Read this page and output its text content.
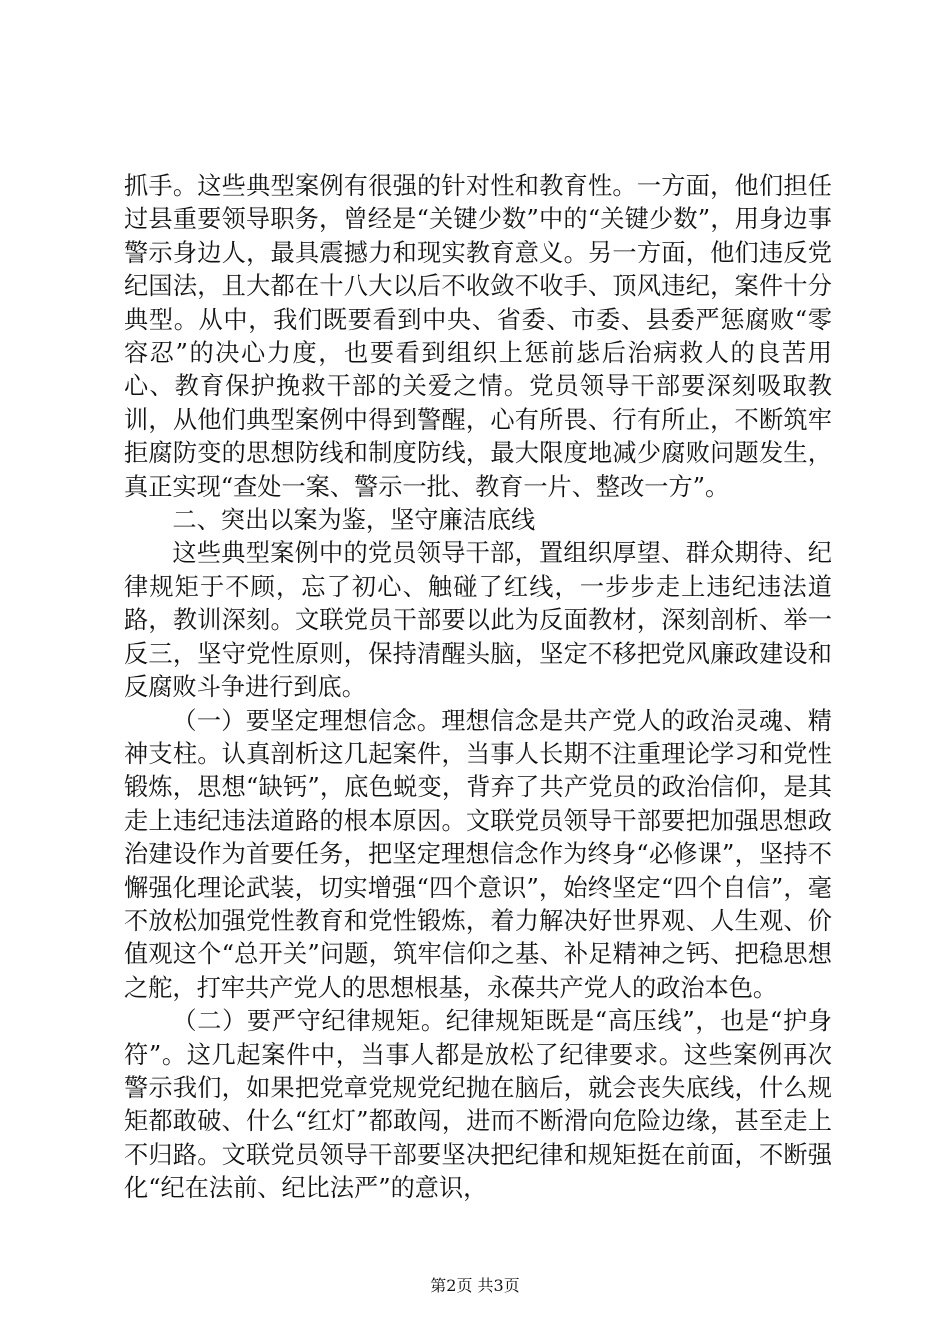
抓手。这些典型案例有很强的针对性和教育性。一方面，他们担任过县重要领导职务，曾经是“关键少数”中的“关键少数”，用身边事警示身边人，最具震撼力和现实教育意义。另一方面，他们违反党纪国法，且大都在十八大以后不收敛不收手、顶风违纪，案件十分典型。从中，我们既要看到中央、省委、市委、县委严惩腐败“零容忍”的决心力度，也要看到组织上惩前毖后治病救人的良苦用心、教育保护挽救干部的关爱之情。党员领导干部要深刻吸取教训，从他们典型案例中得到警醒，心有所畏、行有所止，不断筑牢拒腐防变的思想防线和制度防线，最大限度地减少腐败问题发生，真正实现“查处一案、警示一批、教育一片、整改一方”。

二、突出以案为鉴，坚守廉洁底线

这些典型案例中的党员领导干部，置组织厚望、群众期待、纪律规矩于不顾，忘了初心、触碰了红线，一步步走上违纪违法道路，教训深刻。文联党员干部要以此为反面教材，深刻剖析、举一反三，坚守党性原则，保持清醒头脑，坚定不移把党风廉政建设和反腐败斗争进行到底。

（一）要坚定理想信念。理想信念是共产党人的政治灵魂、精神支柱。认真剖析这几起案件，当事人长期不注重理论学习和党性锻炼，思想“缺钙”，底色蜕变，背弃了共产党员的政治信仰，是其走上违纪违法道路的根本原因。文联党员领导干部要把加强思想政治建设作为首要任务，把坚定理想信念作为终身“必修课”，坚持不懈强化理论武装，切实增强“四个意识”，始终坚定“四个自信”，毫不放松加强党性教育和党性锻炼，着力解决好世界观、人生观、价值观这个“总开关”问题，筑牢信仰之基、补足精神之钙、把稳思想之舵，打牢共产党人的思想根基，永葆共产党人的政治本色。

（二）要严守纪律规矩。纪律规矩既是“高压线”，也是“护身符”。这几起案件中，当事人都是放松了纪律要求。这些案例再次警示我们，如果把党章党规党纪抛在脑后，就会丧失底线，什么规矩都敢破、什么“红灯”都敢闯，进而不断滑向危险边缘，甚至走上不归路。文联党员领导干部要坚决把纪律和规矩挺在前面，不断强化“纪在法前、纪比法严”的意识，

第2页 共3页
